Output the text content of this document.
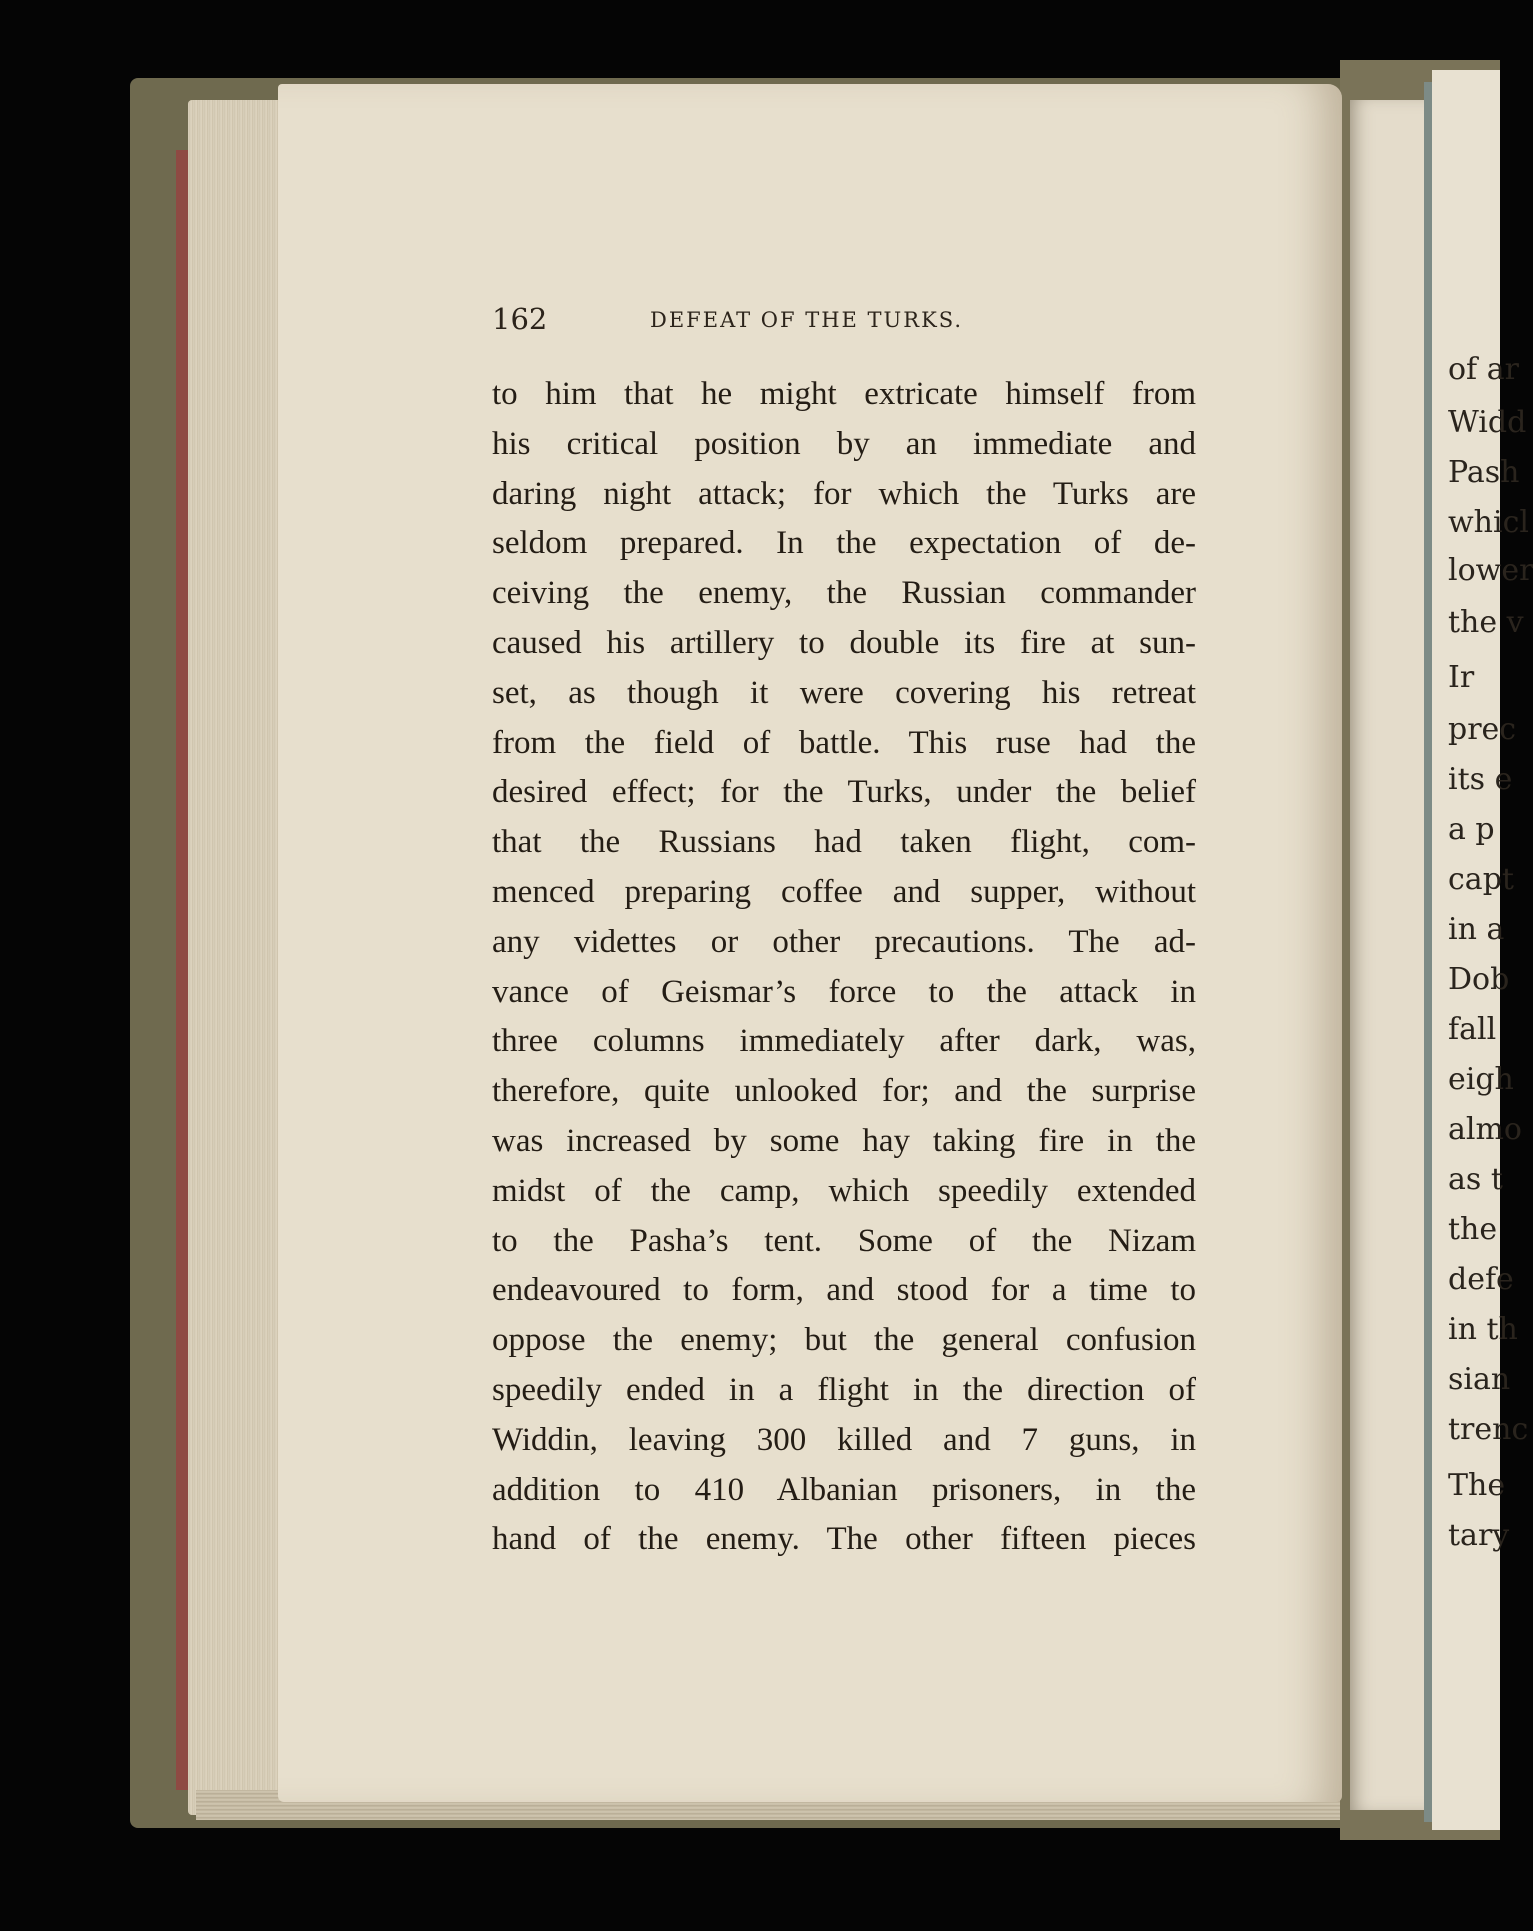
162	DEFEAT OF THE TURKS.
to him that he might extricate himself from
his critical position by an immediate and
daring night attack; for which the Turks are
seldom prepared. In the expectation of de-
ceiving the enemy, the Russian commander
caused his artillery to double its fire at sun-
set, as though it were covering his retreat
from the field of battle. This ruse had the
desired effect; for the Turks, under the belief
that the Russians had taken flight, com-
menced preparing coffee and supper, without
any videttes or other precautions. The ad-
vance of Geismar’s force to the attack in
three columns immediately after dark, was,
therefore, quite unlooked for; and the surprise
was increased by some hay taking fire in the
midst of the camp, which speedily extended
to the Pasha’s tent. Some of the Nizam
endeavoured to form, and stood for a time to
oppose the enemy; but the general confusion
speedily ended in a flight in the direction of
Widdin, leaving 300 killed and 7 guns, in
addition to 410 Albanian prisoners, in the
hand of the enemy. The other fifteen pieces
of ar
Widd
Pash
whicl
lower
the v
Ir
prec
its e
a p
capt
in a
Dob
fall
eigh
almo
as t
the
defe
in th
sian
trenc
The
tary
